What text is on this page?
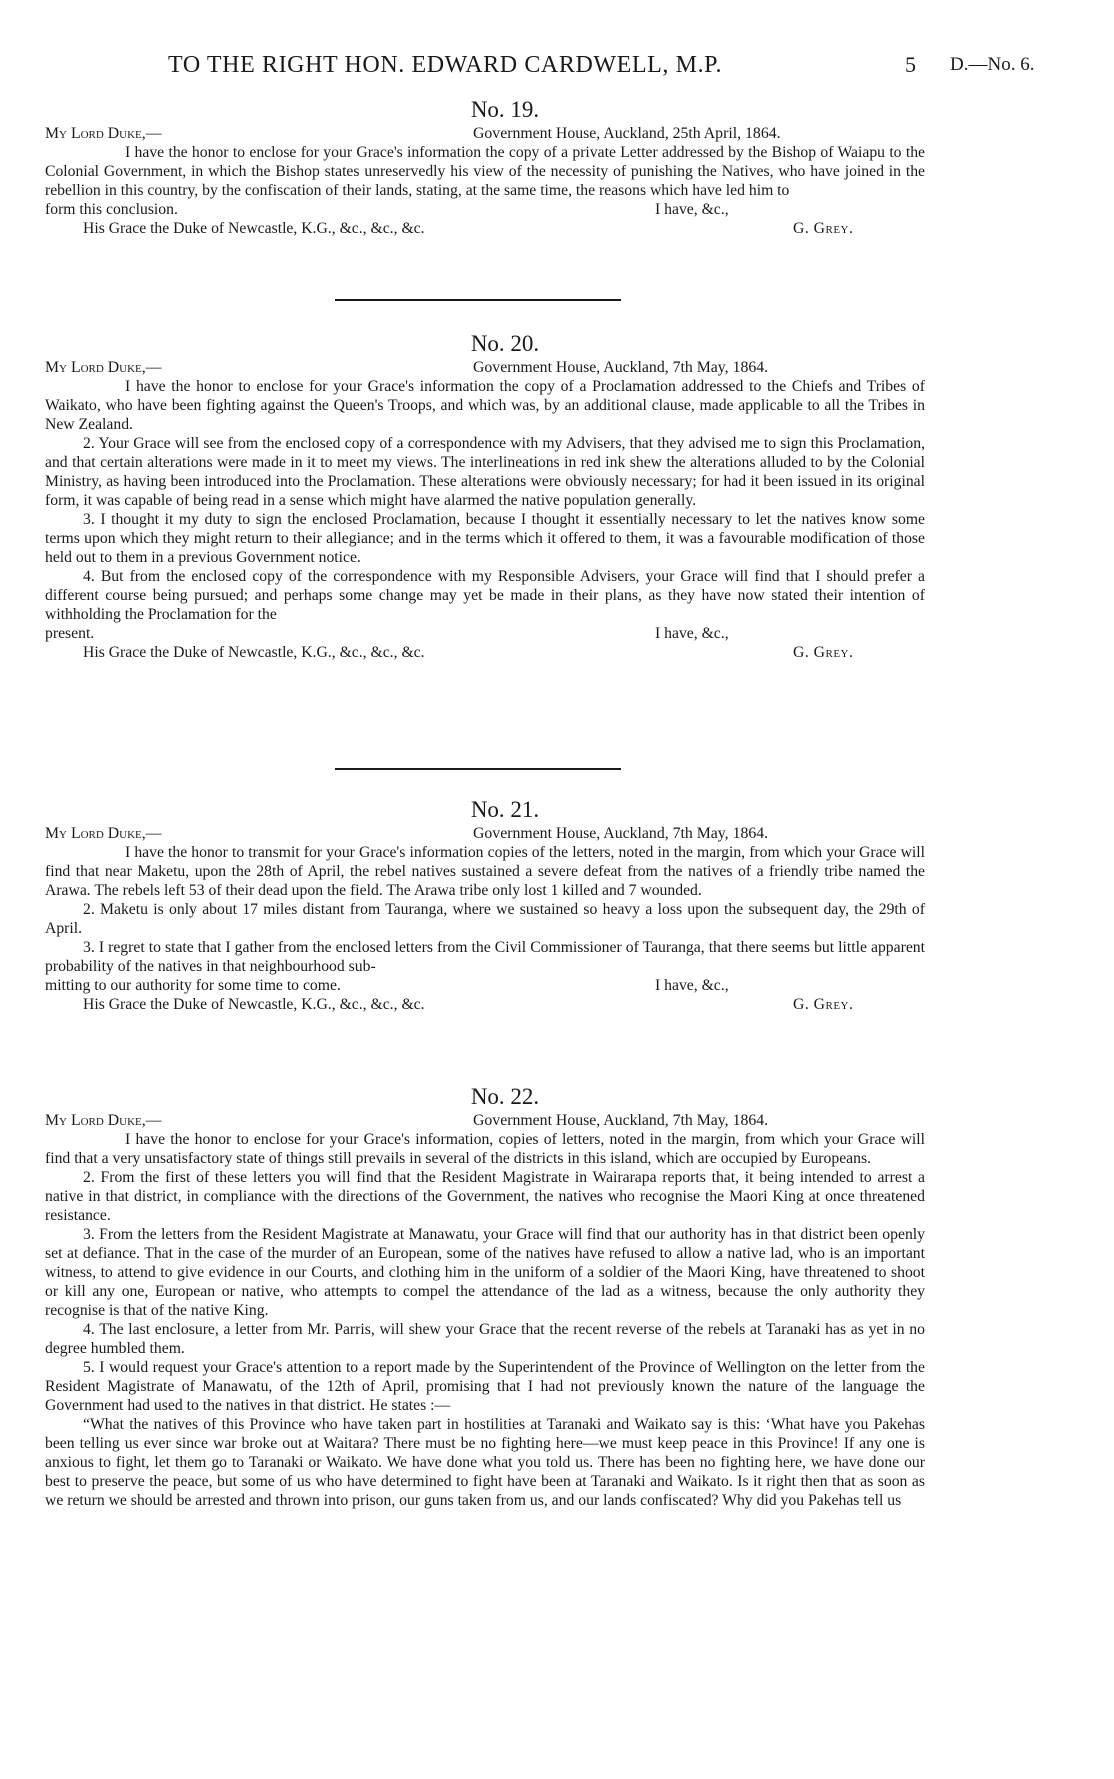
TO THE RIGHT HON. EDWARD CARDWELL, M.P.	5 D.—No. 6.
No. 19.
My Lord Duke,—	Government House, Auckland, 25th April, 1864.

I have the honor to enclose for your Grace's information the copy of a private Letter addressed by the Bishop of Waiapu to the Colonial Government, in which the Bishop states unreservedly his view of the necessity of punishing the Natives, who have joined in the rebellion in this country, by the confiscation of their lands, stating, at the same time, the reasons which have led him to

form this conclusion.	I have, &c.,
His Grace the Duke of Newcastle, K.G., &c., &c., &c.	G. Grey.
No. 20.
My Lord Duke,—	Government House, Auckland, 7th May, 1864.

I have the honor to enclose for your Grace's information the copy of a Proclamation addressed to the Chiefs and Tribes of Waikato, who have been fighting against the Queen's Troops, and which was, by an additional clause, made applicable to all the Tribes in New Zealand.

2. Your Grace will see from the enclosed copy of a correspondence with my Advisers, that they advised me to sign this Proclamation, and that certain alterations were made in it to meet my views. The interlineations in red ink shew the alterations alluded to by the Colonial Ministry, as having been introduced into the Proclamation. These alterations were obviously necessary; for had it been issued in its original form, it was capable of being read in a sense which might have alarmed the native population generally.

3. I thought it my duty to sign the enclosed Proclamation, because I thought it essentially necessary to let the natives know some terms upon which they might return to their allegiance; and in the terms which it offered to them, it was a favourable modification of those held out to them in a previous Government notice.

4. But from the enclosed copy of the correspondence with my Responsible Advisers, your Grace will find that I should prefer a different course being pursued; and perhaps some change may yet be made in their plans, as they have now stated their intention of withholding the Proclamation for the

present.	I have, &c.,
His Grace the Duke of Newcastle, K.G., &c., &c., &c.	G. Grey.
No. 21.
My Lord Duke,—	Government House, Auckland, 7th May, 1864.

I have the honor to transmit for your Grace's information copies of the letters, noted in the margin, from which your Grace will find that near Maketu, upon the 28th of April, the rebel natives sustained a severe defeat from the natives of a friendly tribe named the Arawa. The rebels left 53 of their dead upon the field. The Arawa tribe only lost 1 killed and 7 wounded.

2. Maketu is only about 17 miles distant from Tauranga, where we sustained so heavy a loss upon the subsequent day, the 29th of April.

3. I regret to state that I gather from the enclosed letters from the Civil Commissioner of Tauranga, that there seems but little apparent probability of the natives in that neighbourhood sub-

mitting to our authority for some time to come.	I have, &c.,
His Grace the Duke of Newcastle, K.G., &c., &c., &c.	G. Grey.
No. 22.
My Lord Duke,—	Government House, Auckland, 7th May, 1864.

I have the honor to enclose for your Grace's information, copies of letters, noted in the margin, from which your Grace will find that a very unsatisfactory state of things still prevails in several of the districts in this island, which are occupied by Europeans.

2. From the first of these letters you will find that the Resident Magistrate in Wairarapa reports that, it being intended to arrest a native in that district, in compliance with the directions of the Government, the natives who recognise the Maori King at once threatened resistance.

3. From the letters from the Resident Magistrate at Manawatu, your Grace will find that our authority has in that district been openly set at defiance. That in the case of the murder of an European, some of the natives have refused to allow a native lad, who is an important witness, to attend to give evidence in our Courts, and clothing him in the uniform of a soldier of the Maori King, have threatened to shoot or kill any one, European or native, who attempts to compel the attendance of the lad as a witness, because the only authority they recognise is that of the native King.

4. The last enclosure, a letter from Mr. Parris, will shew your Grace that the recent reverse of the rebels at Taranaki has as yet in no degree humbled them.

5. I would request your Grace's attention to a report made by the Superintendent of the Province of Wellington on the letter from the Resident Magistrate of Manawatu, of the 12th of April, promising that I had not previously known the nature of the language the Government had used to the natives in that district. He states :—

“What the natives of this Province who have taken part in hostilities at Taranaki and Waikato say is this: ‘What have you Pakehas been telling us ever since war broke out at Waitara? There must be no fighting here—we must keep peace in this Province! If any one is anxious to fight, let them go to Taranaki or Waikato. We have done what you told us. There has been no fighting here, we have done our best to preserve the peace, but some of us who have determined to fight have been at Taranaki and Waikato. Is it right then that as soon as we return we should be arrested and thrown into prison, our guns taken from us, and our lands confiscated? Why did you Pakehas tell us
